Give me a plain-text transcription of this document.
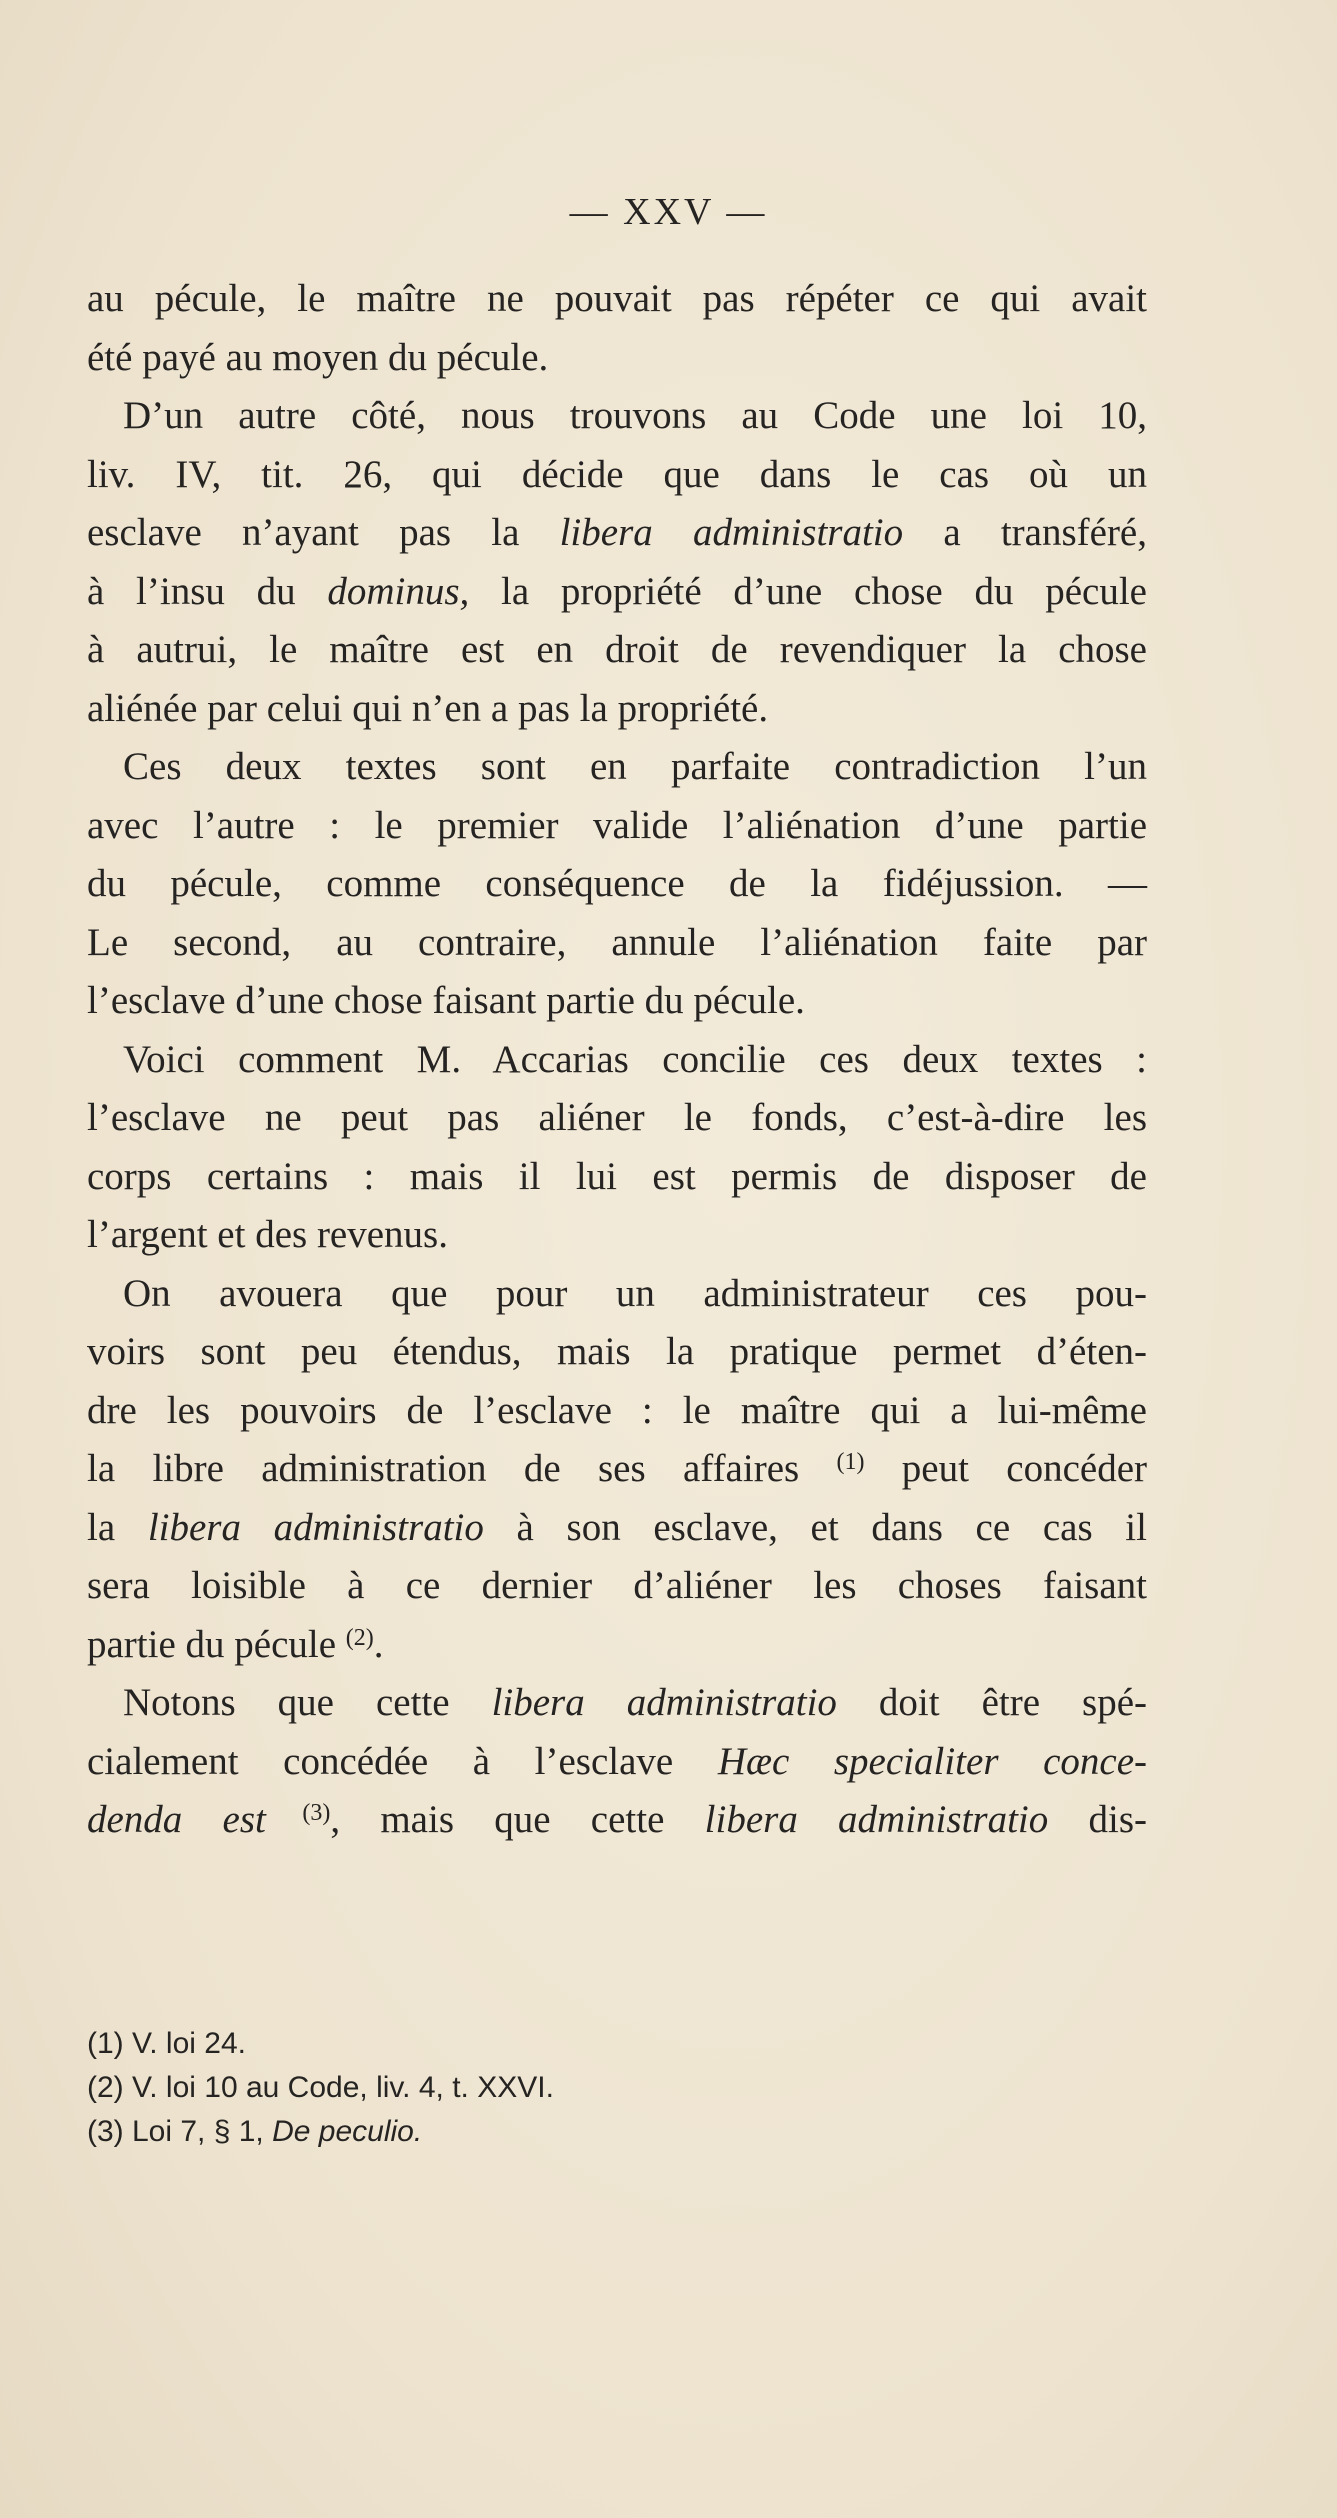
— XXV —

au pécule, le maître ne pouvait pas répéter ce qui avait
été payé au moyen du pécule.

D’un autre côté, nous trouvons au Code une loi 10,
liv. IV, tit. 26, qui décide que dans le cas où un
esclave n’ayant pas la libera administratio a transféré,
à l’insu du dominus, la propriété d’une chose du pécule
à autrui, le maître est en droit de revendiquer la chose
aliénée par celui qui n’en a pas la propriété.

Ces deux textes sont en parfaite contradiction l’un
avec l’autre : le premier valide l’aliénation d’une partie
du pécule, comme conséquence de la fidéjussion. —
Le second, au contraire, annule l’aliénation faite par
l’esclave d’une chose faisant partie du pécule.

Voici comment M. Accarias concilie ces deux textes :
l’esclave ne peut pas aliéner le fonds, c’est-à-dire les
corps certains : mais il lui est permis de disposer de
l’argent et des revenus.

On avouera que pour un administrateur ces pou-
voirs sont peu étendus, mais la pratique permet d’éten-
dre les pouvoirs de l’esclave : le maître qui a lui-même
la libre administration de ses affaires $^{(1)}$ peut concéder
la libera administratio à son esclave, et dans ce cas il
sera loisible à ce dernier d’aliéner les choses faisant
partie du pécule $^{(2)}$.

Notons que cette libera administratio doit être spé-
cialement concédée à l’esclave Hæc specialiter conce-
denda est $^{(3)}$, mais que cette libera administratio dis-

(1) V. loi 24.
(2) V. loi 10 au Code, liv. 4, t. XXVI.
(3) Loi 7, § 1, De peculio.
